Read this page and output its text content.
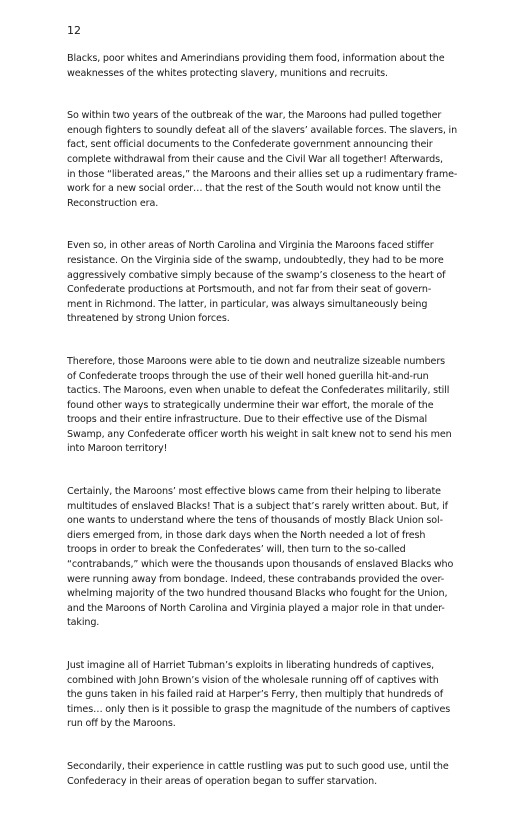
12

Blacks, poor whites and Amerindians providing them food, information about the
weaknesses of the whites protecting slavery, munitions and recruits.

So within two years of the outbreak of the war, the Maroons had pulled together
enough fighters to soundly defeat all of the slavers’ available forces. The slavers, in
fact, sent official documents to the Confederate government announcing their
complete withdrawal from their cause and the Civil War all together! Afterwards,
in those “liberated areas,” the Maroons and their allies set up a rudimentary frame-
work for a new social order… that the rest of the South would not know until the
Reconstruction era.

Even so, in other areas of North Carolina and Virginia the Maroons faced stiffer
resistance. On the Virginia side of the swamp, undoubtedly, they had to be more
aggressively combative simply because of the swamp’s closeness to the heart of
Confederate productions at Portsmouth, and not far from their seat of govern-
ment in Richmond. The latter, in particular, was always simultaneously being
threatened by strong Union forces.

Therefore, those Maroons were able to tie down and neutralize sizeable numbers
of Confederate troops through the use of their well honed guerilla hit-and-run
tactics. The Maroons, even when unable to defeat the Confederates militarily, still
found other ways to strategically undermine their war effort, the morale of the
troops and their entire infrastructure. Due to their effective use of the Dismal
Swamp, any Confederate officer worth his weight in salt knew not to send his men
into Maroon territory!

Certainly, the Maroons’ most effective blows came from their helping to liberate
multitudes of enslaved Blacks! That is a subject that’s rarely written about. But, if
one wants to understand where the tens of thousands of mostly Black Union sol-
diers emerged from, in those dark days when the North needed a lot of fresh
troops in order to break the Confederates’ will, then turn to the so-called
“contrabands,” which were the thousands upon thousands of enslaved Blacks who
were running away from bondage. Indeed, these contrabands provided the over-
whelming majority of the two hundred thousand Blacks who fought for the Union,
and the Maroons of North Carolina and Virginia played a major role in that under-
taking.

Just imagine all of Harriet Tubman’s exploits in liberating hundreds of captives,
combined with John Brown’s vision of the wholesale running off of captives with
the guns taken in his failed raid at Harper’s Ferry, then multiply that hundreds of
times… only then is it possible to grasp the magnitude of the numbers of captives
run off by the Maroons.

Secondarily, their experience in cattle rustling was put to such good use, until the
Confederacy in their areas of operation began to suffer starvation.
